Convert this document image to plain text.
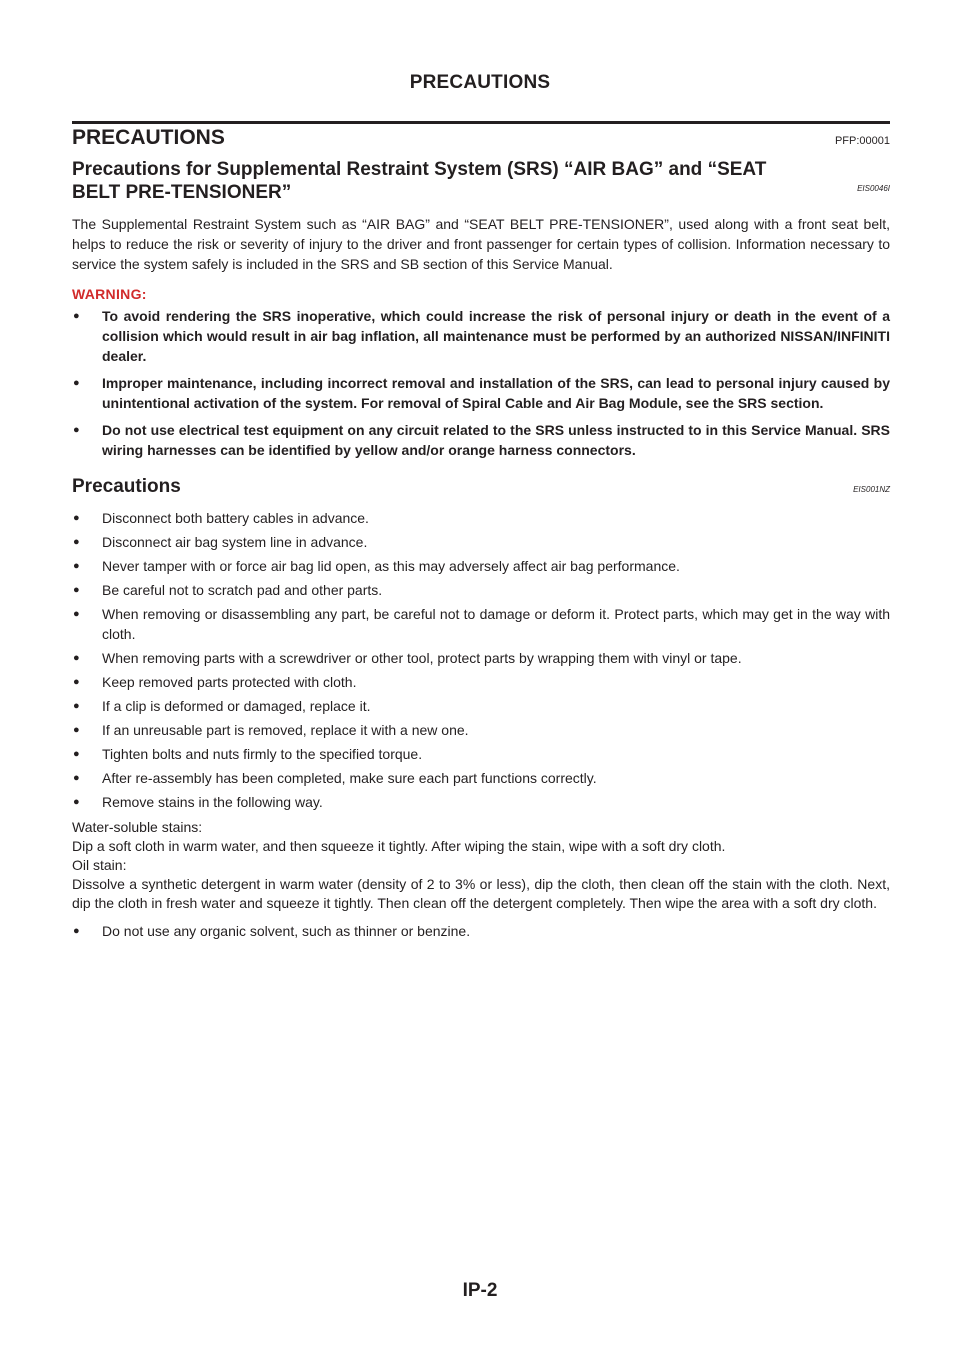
PRECAUTIONS
PRECAUTIONS	PFP:00001
Precautions for Supplemental Restraint System (SRS) “AIR BAG” and “SEAT
BELT PRE-TENSIONER”	EIS0046I

The Supplemental Restraint System such as “AIR BAG” and “SEAT BELT PRE-TENSIONER”, used along with a front seat belt, helps to reduce the risk or severity of injury to the driver and front passenger for certain types of collision. Information necessary to service the system safely is included in the SRS and SB section of this Service Manual.

WARNING:
● To avoid rendering the SRS inoperative, which could increase the risk of personal injury or death in the event of a collision which would result in air bag inflation, all maintenance must be performed by an authorized NISSAN/INFINITI dealer.
● Improper maintenance, including incorrect removal and installation of the SRS, can lead to personal injury caused by unintentional activation of the system. For removal of Spiral Cable and Air Bag Module, see the SRS section.
● Do not use electrical test equipment on any circuit related to the SRS unless instructed to in this Service Manual. SRS wiring harnesses can be identified by yellow and/or orange harness connectors.
Precautions	EIS001NZ
● Disconnect both battery cables in advance.
● Disconnect air bag system line in advance.
● Never tamper with or force air bag lid open, as this may adversely affect air bag performance.
● Be careful not to scratch pad and other parts.
● When removing or disassembling any part, be careful not to damage or deform it. Protect parts, which may get in the way with cloth.
● When removing parts with a screwdriver or other tool, protect parts by wrapping them with vinyl or tape.
● Keep removed parts protected with cloth.
● If a clip is deformed or damaged, replace it.
● If an unreusable part is removed, replace it with a new one.
● Tighten bolts and nuts firmly to the specified torque.
● After re-assembly has been completed, make sure each part functions correctly.
● Remove stains in the following way.
Water-soluble stains:
Dip a soft cloth in warm water, and then squeeze it tightly. After wiping the stain, wipe with a soft dry cloth.
Oil stain:
Dissolve a synthetic detergent in warm water (density of 2 to 3% or less), dip the cloth, then clean off the stain with the cloth. Next, dip the cloth in fresh water and squeeze it tightly. Then clean off the detergent completely. Then wipe the area with a soft dry cloth.
● Do not use any organic solvent, such as thinner or benzine.
IP-2
